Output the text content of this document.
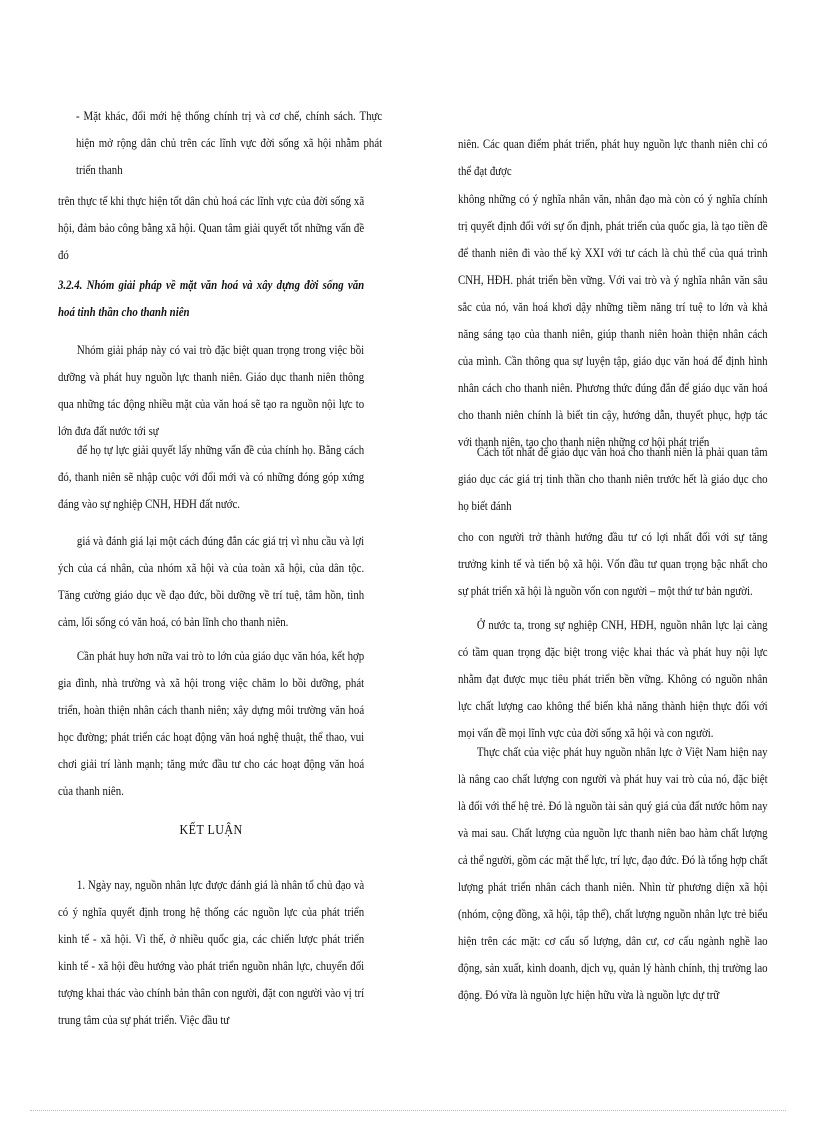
- Mặt khác, đổi mới hệ thống chính trị và cơ chế, chính sách. Thực hiện mở rộng dân chủ trên các lĩnh vực đời sống xã hội nhằm phát triển thanh

trên thực tế khi thực hiện tốt dân chủ hoá các lĩnh vực của đời sống xã hội, đảm bảo công bằng xã hội. Quan tâm giải quyết tốt những vấn đề đó

3.2.4. Nhóm giải pháp về mặt văn hoá và xây dựng đời sống văn hoá tinh thần cho thanh niên

Nhóm giải pháp này có vai trò đặc biệt quan trọng trong việc bồi dưỡng và phát huy nguồn lực thanh niên. Giáo dục thanh niên thông qua những tác động nhiều mặt của văn hoá sẽ tạo ra nguồn nội lực to lớn đưa đất nước tới sự

để họ tự lực giải quyết lấy những vấn đề của chính họ. Bằng cách đó, thanh niên sẽ nhập cuộc với đổi mới và có những đóng góp xứng đáng vào sự nghiệp CNH, HĐH đất nước.

giá và đánh giá lại một cách đúng đắn các giá trị vì nhu cầu và lợi ých của cá nhân, của nhóm xã hội và của toàn xã hội, của dân tộc. Tăng cường giáo dục về đạo đức, bồi dưỡng về trí tuệ, tâm hồn, tình cảm, lối sống có văn hoá, có bản lĩnh cho thanh niên.

Cần phát huy hơn nữa vai trò to lớn của giáo dục văn hóa, kết hợp gia đình, nhà trường và xã hội trong việc chăm lo bồi dưỡng, phát triển, hoàn thiện nhân cách thanh niên; xây dựng môi trường văn hoá học đường; phát triển các hoạt động văn hoá nghệ thuật, thể thao, vui chơi giải trí lành mạnh; tăng mức đầu tư cho các hoạt động văn hoá của thanh niên.

KẾT LUẬN

1. Ngày nay, nguồn nhân lực được đánh giá là nhân tố chủ đạo và có ý nghĩa quyết định trong hệ thống các nguồn lực của phát triển kinh tế - xã hội. Vì thế, ở nhiều quốc gia, các chiến lược phát triển kinh tế - xã hội đều hướng vào phát triển nguồn nhân lực, chuyển đối tượng khai thác vào chính bản thân con người, đặt con người vào vị trí trung tâm của sự phát triển. Việc đầu tư

niên. Các quan điểm phát triển, phát huy nguồn lực thanh niên chỉ có thể đạt được

không những có ý nghĩa nhân văn, nhân đạo mà còn có ý nghĩa chính trị quyết định đối với sự ổn định, phát triển của quốc gia, là tạo tiền đề để thanh niên đi vào thế kỷ XXI với tư cách là chủ thể của quá trình CNH, HĐH. phát triển bền vững. Với vai trò và ý nghĩa nhân văn sâu sắc của nó, văn hoá khơi dậy những tiềm năng trí tuệ to lớn và khả năng sáng tạo của thanh niên, giúp thanh niên hoàn thiện nhân cách của mình. Cần thông qua sự luyện tập, giáo dục văn hoá để định hình nhân cách cho thanh niên. Phương thức đúng đắn để giáo dục văn hoá cho thanh niên chính là biết tin cậy, hướng dẫn, thuyết phục, hợp tác với thanh niên, tạo cho thanh niên những cơ hội phát triển

Cách tốt nhất để giáo dục văn hoá cho thanh niên là phải quan tâm giáo dục các giá trị tinh thần cho thanh niên trước hết là giáo dục cho họ biết đánh

cho con người trở thành hướng đầu tư có lợi nhất đối với sự tăng trưởng kinh tế và tiến bộ xã hội. Vốn đầu tư quan trọng bậc nhất cho sự phát triển xã hội là nguồn vốn con người – một thứ tư bản người.

Ở nước ta, trong sự nghiệp CNH, HĐH, nguồn nhân lực lại càng có tầm quan trọng đặc biệt trong việc khai thác và phát huy nội lực nhằm đạt được mục tiêu phát triển bền vững. Không có nguồn nhân lực chất lượng cao không thể biến khả năng thành hiện thực đối với mọi vấn đề mọi lĩnh vực của đời sống xã hội và con người.

Thực chất của việc phát huy nguồn nhân lực ở Việt Nam hiện nay là nâng cao chất lượng con người và phát huy vai trò của nó, đặc biệt là đối với thế hệ trẻ. Đó là nguồn tài sản quý giá của đất nước hôm nay và mai sau. Chất lượng của nguồn lực thanh niên bao hàm chất lượng cả thể người, gồm các mặt thể lực, trí lực, đạo đức. Đó là tổng hợp chất lượng phát triển nhân cách thanh niên. Nhìn từ phương diện xã hội (nhóm, cộng đồng, xã hội, tập thể), chất lượng nguồn nhân lực trẻ biểu hiện trên các mặt: cơ cấu số lượng, dân cư, cơ cấu ngành nghề lao động, sản xuất, kinh doanh, dịch vụ, quản lý hành chính, thị trường lao động. Đó vừa là nguồn lực hiện hữu vừa là nguồn lực dự trữ
